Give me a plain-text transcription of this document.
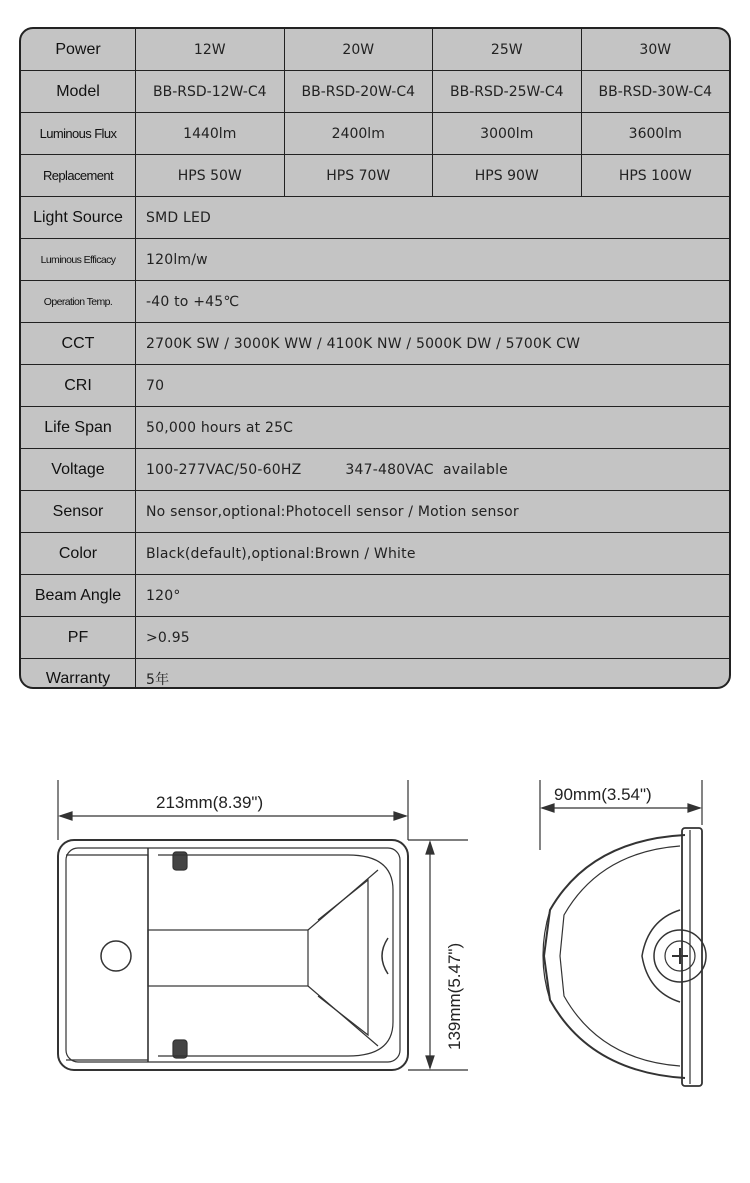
Power	12W	20W	25W	30W
Model	BB-RSD-12W-C4	BB-RSD-20W-C4	BB-RSD-25W-C4	BB-RSD-30W-C4
Luminous Flux	1440lm	2400lm	3000lm	3600lm
Replacement	HPS 50W	HPS 70W	HPS 90W	HPS 100W
Light Source	SMD LED
Luminous Efficacy	120lm/w
Operation Temp.	-40 to +45℃
CCT	2700K SW / 3000K WW / 4100K NW / 5000K DW / 5700K CW
CRI	70
Life Span	50,000 hours at 25C
Voltage	100-277VAC/50-60HZ	347-480VAC  available
Sensor	No sensor,optional:Photocell sensor / Motion sensor
Color	Black(default),optional:Brown / White
Beam Angle	120°
PF	>0.95
Warranty	5年
213mm(8.39")
139mm(5.47")
90mm(3.54")
